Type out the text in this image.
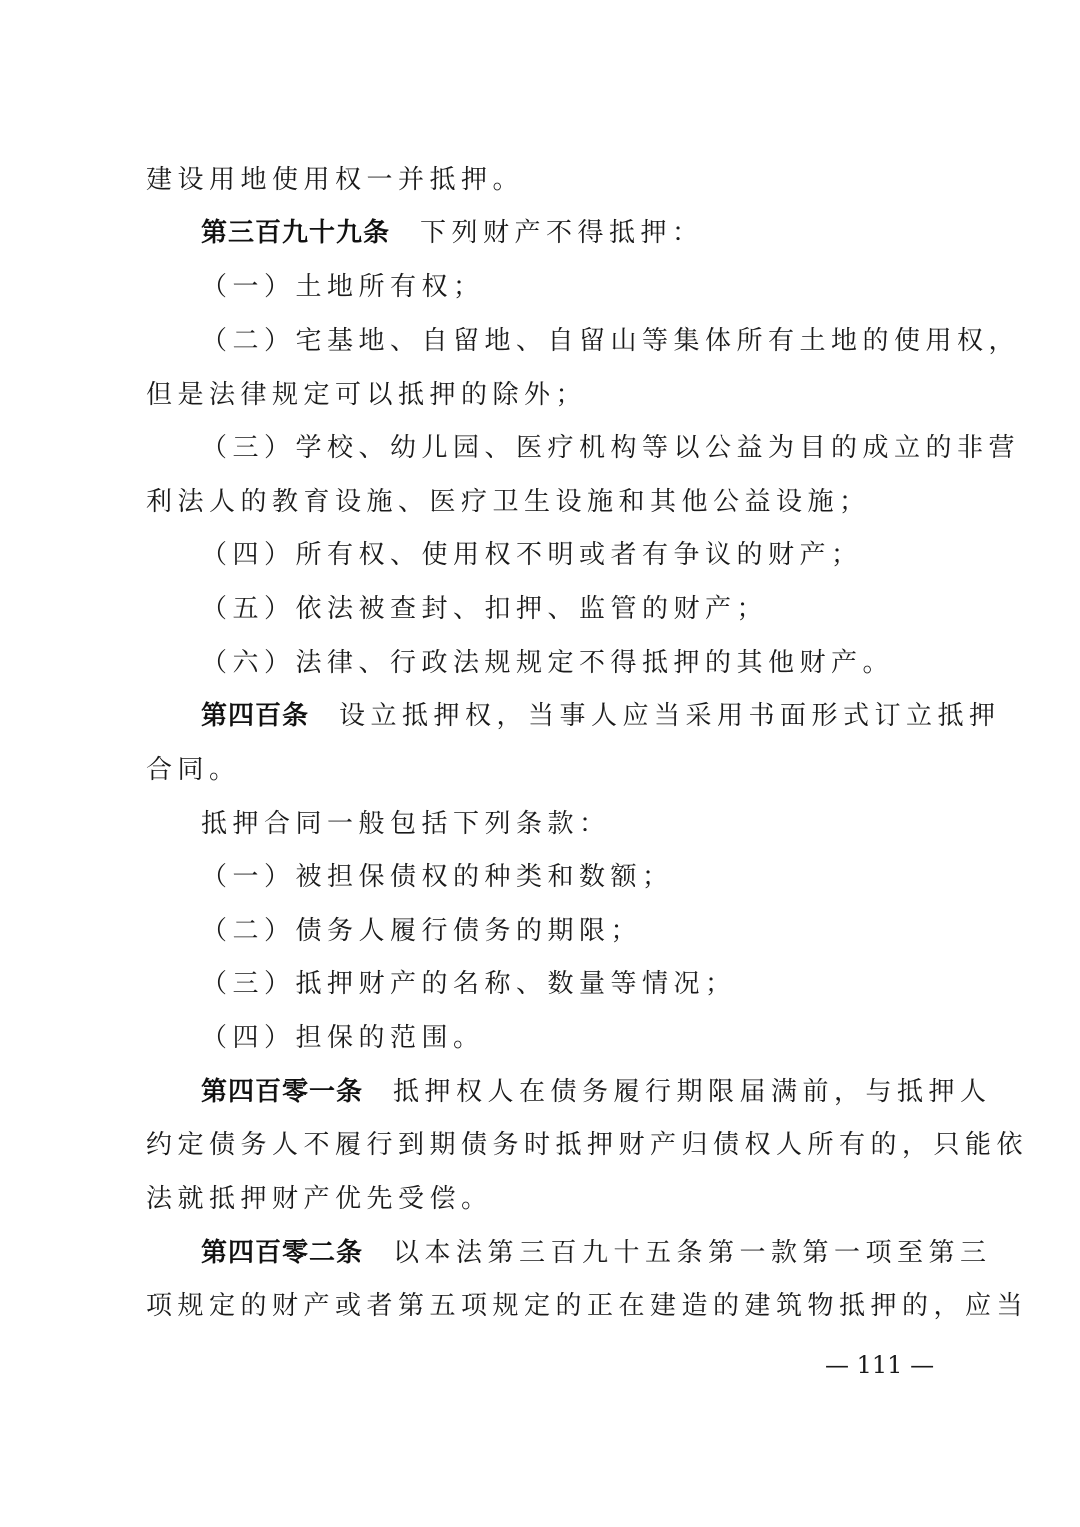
建设用地使用权一并抵押。
第三百九十九条 下列财产不得抵押：
（一）土地所有权；
（二）宅基地、自留地、自留山等集体所有土地的使用权，
但是法律规定可以抵押的除外；
（三）学校、幼儿园、医疗机构等以公益为目的成立的非营
利法人的教育设施、医疗卫生设施和其他公益设施；
（四）所有权、使用权不明或者有争议的财产；
（五）依法被查封、扣押、监管的财产；
（六）法律、行政法规规定不得抵押的其他财产。
第四百条 设立抵押权，当事人应当采用书面形式订立抵押
合同。
抵押合同一般包括下列条款：
（一）被担保债权的种类和数额；
（二）债务人履行债务的期限；
（三）抵押财产的名称、数量等情况；
（四）担保的范围。
第四百零一条 抵押权人在债务履行期限届满前，与抵押人
约定债务人不履行到期债务时抵押财产归债权人所有的，只能依
法就抵押财产优先受偿。
第四百零二条 以本法第三百九十五条第一款第一项至第三
项规定的财产或者第五项规定的正在建造的建筑物抵押的，应当
— 111 —
